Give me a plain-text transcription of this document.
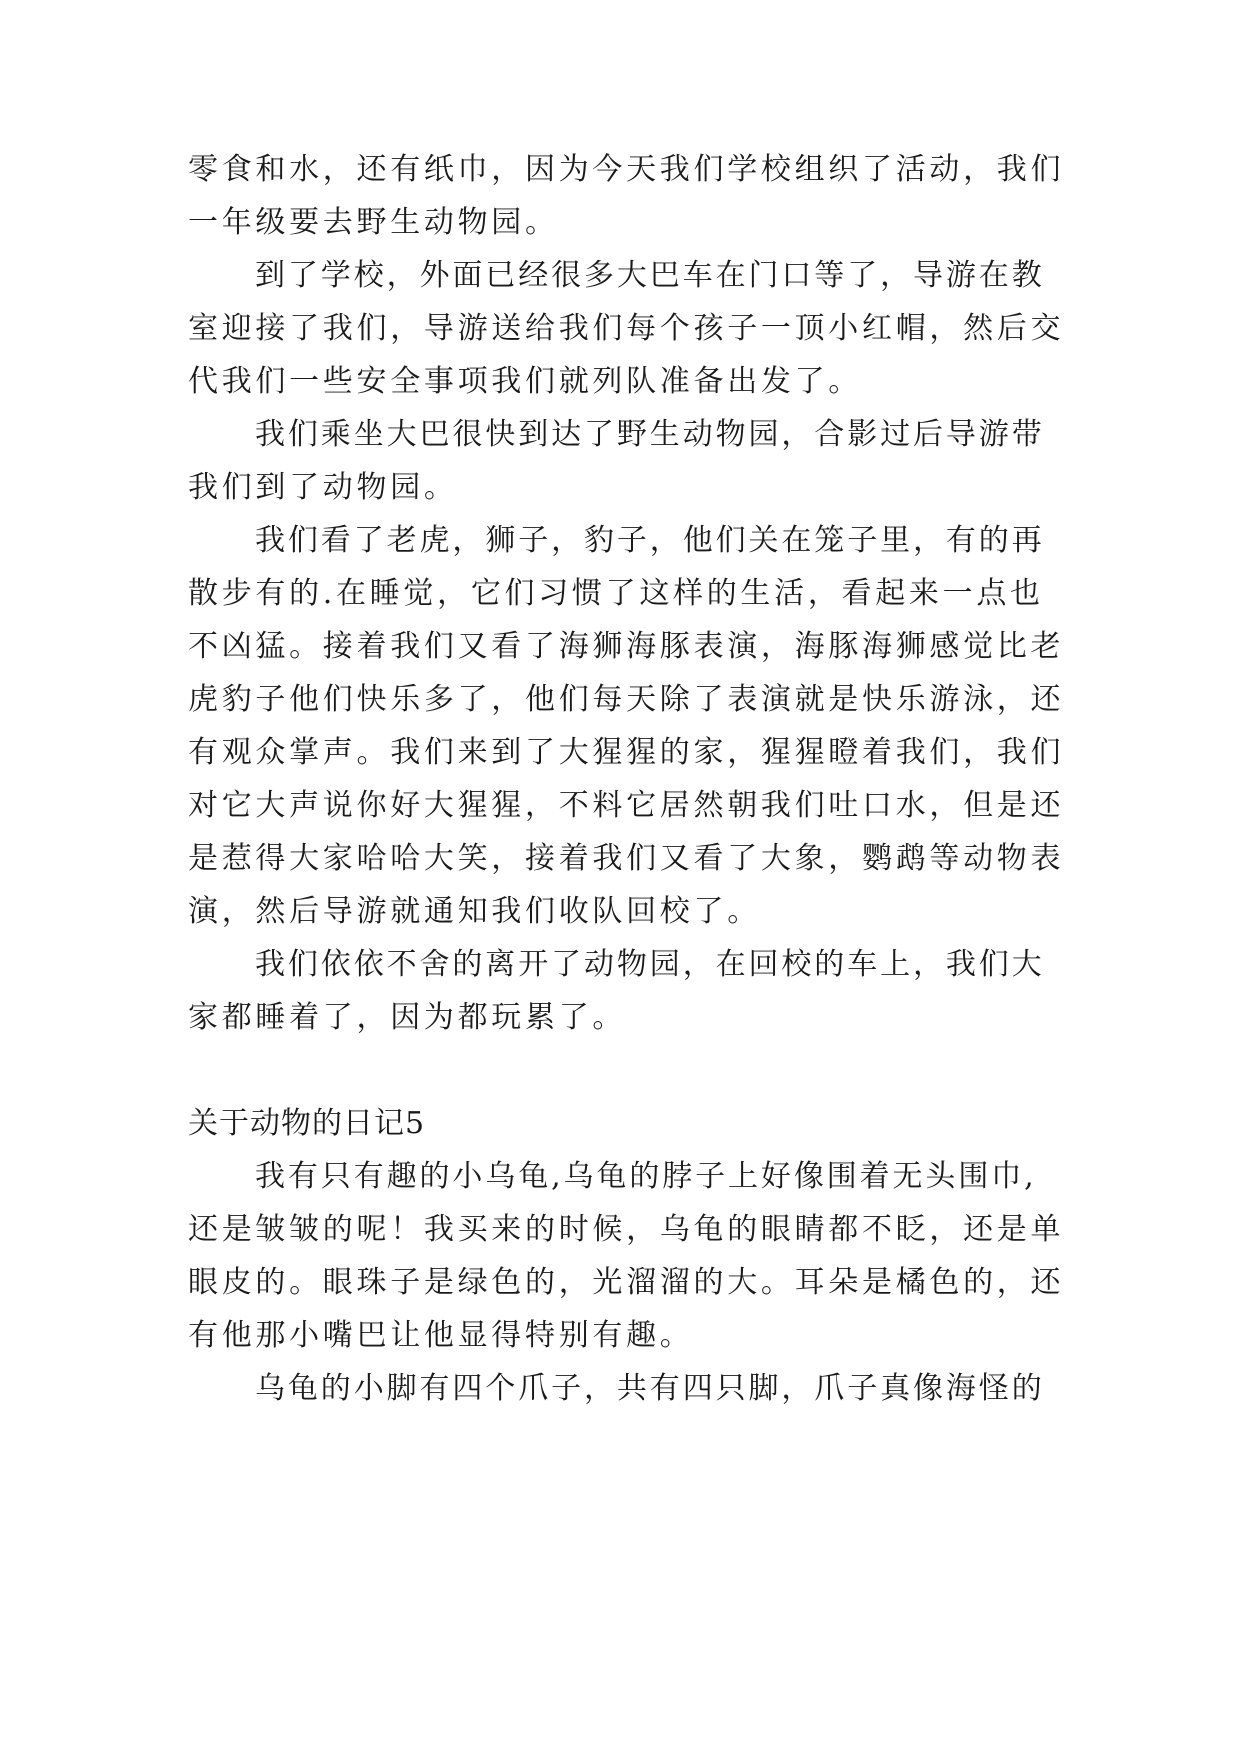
零食和水，还有纸巾，因为今天我们学校组织了活动，我们

一年级要去野生动物园。

到了学校，外面已经很多大巴车在门口等了，导游在教

室迎接了我们，导游送给我们每个孩子一顶小红帽，然后交

代我们一些安全事项我们就列队准备出发了。

我们乘坐大巴很快到达了野生动物园，合影过后导游带

我们到了动物园。

我们看了老虎，狮子，豹子，他们关在笼子里，有的再

散步有的.在睡觉，它们习惯了这样的生活，看起来一点也

不凶猛。接着我们又看了海狮海豚表演，海豚海狮感觉比老

虎豹子他们快乐多了，他们每天除了表演就是快乐游泳，还

有观众掌声。我们来到了大猩猩的家，猩猩瞪着我们，我们

对它大声说你好大猩猩，不料它居然朝我们吐口水，但是还

是惹得大家哈哈大笑，接着我们又看了大象，鹦鹉等动物表

演，然后导游就通知我们收队回校了。

我们依依不舍的离开了动物园，在回校的车上，我们大

家都睡着了，因为都玩累了。

关于动物的日记5

我有只有趣的小乌龟,乌龟的脖子上好像围着无头围巾,

还是皱皱的呢！我买来的时候，乌龟的眼睛都不眨，还是单

眼皮的。眼珠子是绿色的，光溜溜的大。耳朵是橘色的，还

有他那小嘴巴让他显得特别有趣。

乌龟的小脚有四个爪子，共有四只脚，爪子真像海怪的
